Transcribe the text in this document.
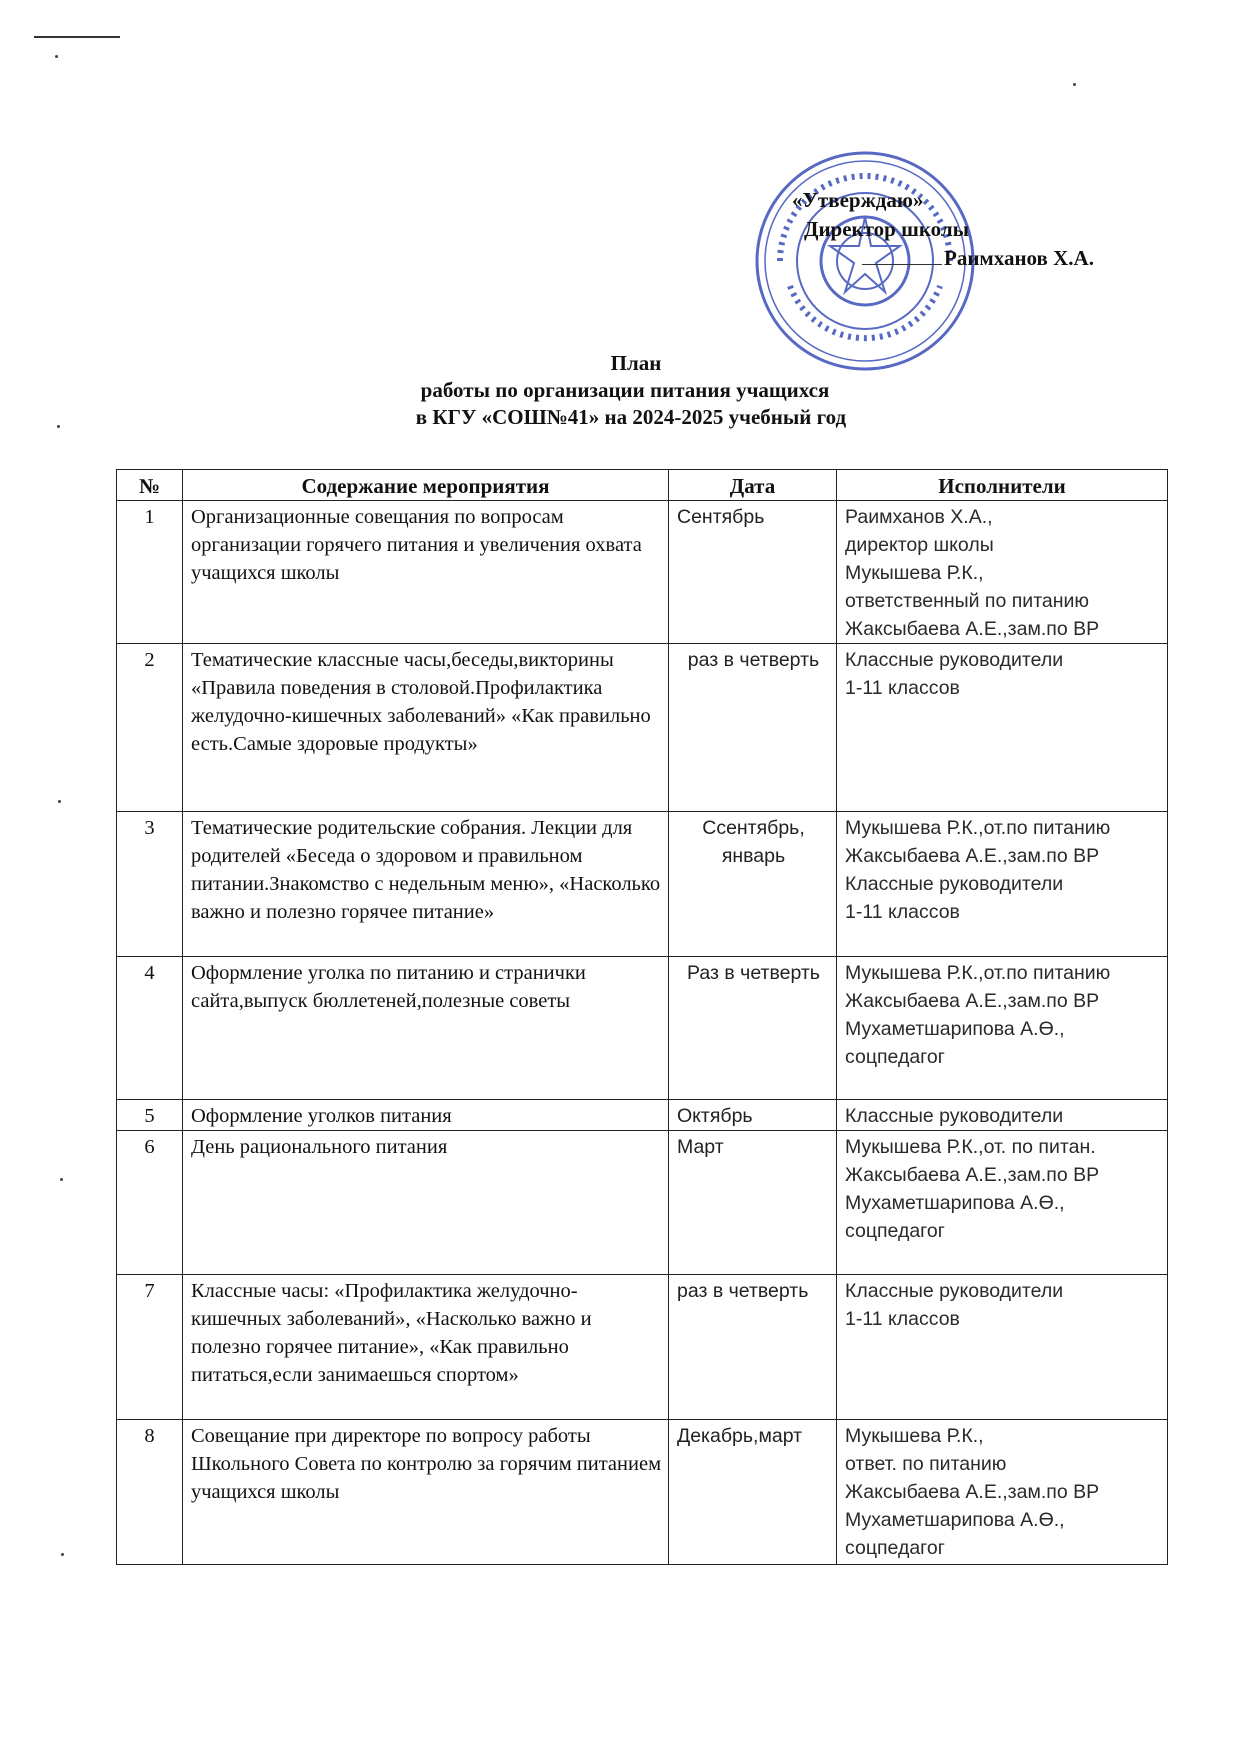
«Утверждаю»
Директор школы
Раимханов Х.А.
План
работы по организации питания учащихся
в КГУ «СОШ№41» на 2024-2025 учебный год
№	Содержание мероприятия	Дата	Исполнители
1	Организационные совещания по вопросам организации горячего питания и увеличения охвата учащихся школы	Сентябрь	Раимханов Х.А.,
директор школы
Мукышева Р.К.,
ответственный по питанию
Жаксыбаева А.Е.,зам.по ВР
2	Тематические классные часы,беседы,викторины «Правила поведения в столовой.Профилактика желудочно-кишечных заболеваний» «Как правильно есть.Самые здоровые продукты»	раз в четверть	Классные руководители
1-11 классов
3	Тематические родительские собрания. Лекции для родителей «Беседа о здоровом и правильном питании.Знакомство с недельным меню», «Насколько важно и полезно горячее питание»	Ссентябрь, январь	Мукышева Р.К.,от.по питанию
Жаксыбаева А.Е.,зам.по ВР
Классные руководители
1-11 классов
4	Оформление уголка по питанию и странички сайта,выпуск бюллетеней,полезные советы	Раз в четверть	Мукышева Р.К.,от.по питанию
Жаксыбаева А.Е.,зам.по ВР
Мухаметшарипова А.Ө., соцпедагог
5	Оформление уголков питания	Октябрь	Классные руководители
6	День рационального питания	Март	Мукышева Р.К.,от. по питан.
Жаксыбаева А.Е.,зам.по ВР
Мухаметшарипова А.Ө., соцпедагог
7	Классные часы: «Профилактика желудочно-кишечных заболеваний», «Насколько важно и полезно горячее питание», «Как правильно питаться,если занимаешься спортом»	раз в четверть	Классные руководители
1-11 классов
8	Совещание при директоре по вопросу работы Школьного Совета по контролю за горячим питанием учащихся школы	Декабрь,март	Мукышева Р.К.,
ответ. по питанию
Жаксыбаева А.Е.,зам.по ВР
Мухаметшарипова А.Ө., соцпедагог
